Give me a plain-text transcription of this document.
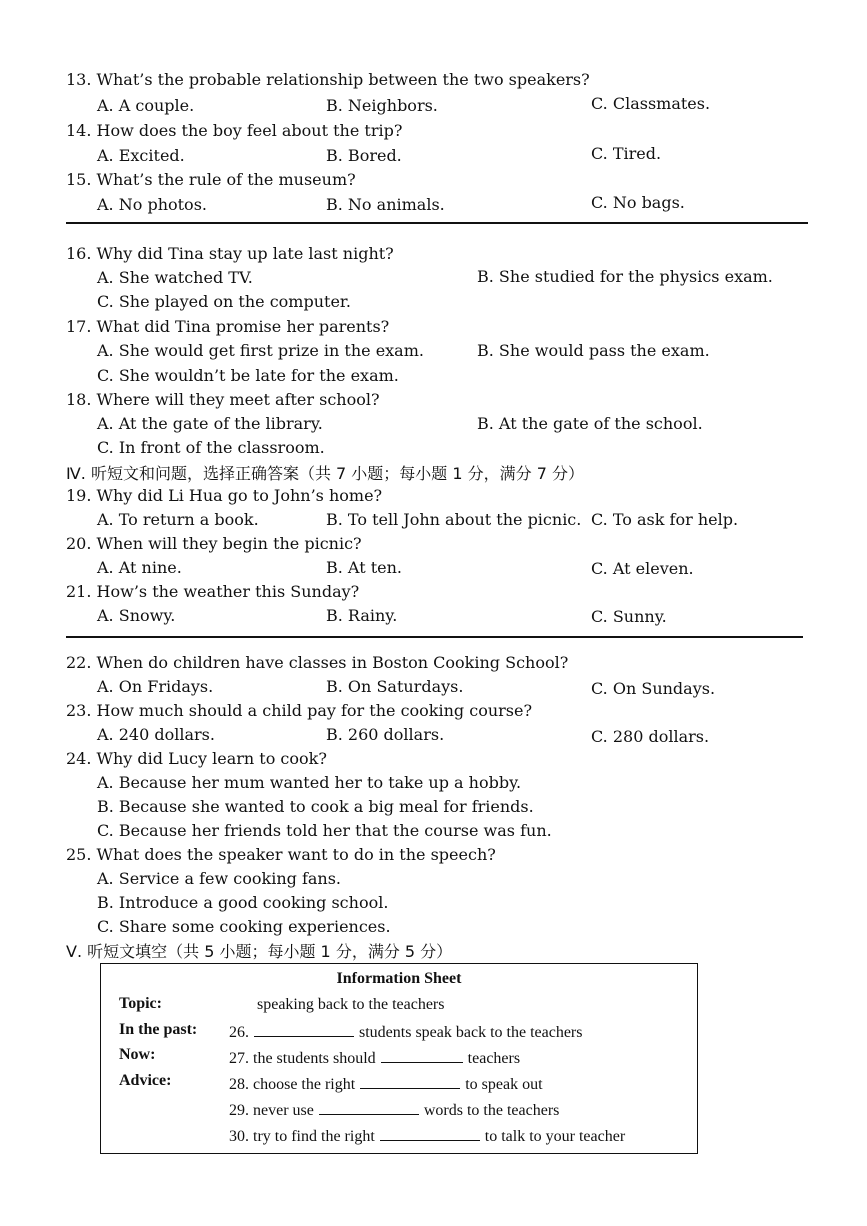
13. What’s the probable relationship between the two speakers?
A. A couple.	B. Neighbors.	C. Classmates.
14. How does the boy feel about the trip?
A. Excited.	B. Bored.	C. Tired.
15. What’s the rule of the museum?
A. No photos.	B. No animals.	C. No bags.
16. Why did Tina stay up late last night?
A. She watched TV.	B. She studied for the physics exam.
C. She played on the computer.
17. What did Tina promise her parents?
A. She would get first prize in the exam.	B. She would pass the exam.
C. She wouldn’t be late for the exam.
18. Where will they meet after school?
A. At the gate of the library.	B. At the gate of the school.
C. In front of the classroom.
Ⅳ. 听短文和问题，选择正确答案（共 7 小题；每小题 1 分，满分 7 分）
19. Why did Li Hua go to John’s home?
A. To return a book.	B. To tell John about the picnic. C. To ask for help.
20. When will they begin the picnic?
A. At nine.	B. At ten.	C. At eleven.
21. How’s the weather this Sunday?
A. Snowy.	B. Rainy.	C. Sunny.
22. When do children have classes in Boston Cooking School?
A. On Fridays.	B. On Saturdays.	C. On Sundays.
23. How much should a child pay for the cooking course?
A. 240 dollars.	B. 260 dollars.	C. 280 dollars.
24. Why did Lucy learn to cook?
A. Because her mum wanted her to take up a hobby.
B. Because she wanted to cook a big meal for friends.
C. Because her friends told her that the course was fun.
25. What does the speaker want to do in the speech?
A. Service a few cooking fans.
B. Introduce a good cooking school.
C. Share some cooking experiences.
Ⅴ. 听短文填空（共 5 小题；每小题 1 分，满分 5 分）
Information Sheet
Topic:	speaking back to the teachers
In the past: 26.	students speak back to the teachers
Now:	27. the students should	teachers
Advice:	28. choose the right	to speak out
29. never use	words to the teachers
30. try to find the right	to talk to your teacher
